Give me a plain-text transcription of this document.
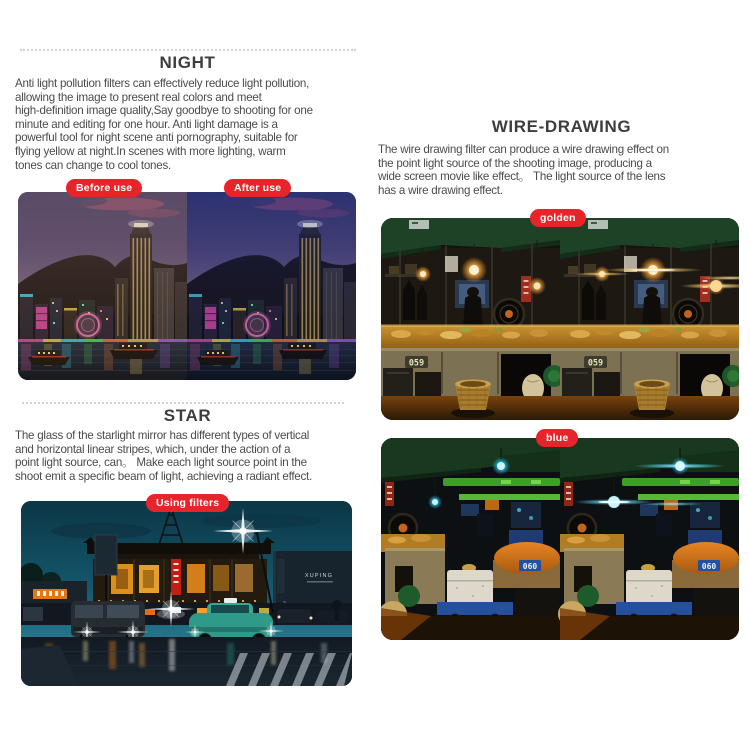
NIGHT
Anti light pollution filters can effectively reduce light pollution,
allowing the image to present real colors and meet
high-definition image quality,Say goodbye to shooting for one
minute and editing for one hour. Anti light damage is a
powerful tool for night scene anti pornography, suitable for
flying yellow at night.In scenes with more lighting, warm
tones can change to cool tones.
Before use	After use
STAR
The glass of the starlight mirror has different types of vertical
and horizontal linear stripes, which, under the action of a
point light source, can。 Make each light source point in the
shoot emit a specific beam of light, achieving a radiant effect.
Using filters
XUPING
WIRE-DRAWING
The wire drawing filter can produce a wire drawing effect on
the point light source of the shooting image, producing a
wide screen movie like effect。 The light source of the lens
has a wire drawing effect.
golden
blue
